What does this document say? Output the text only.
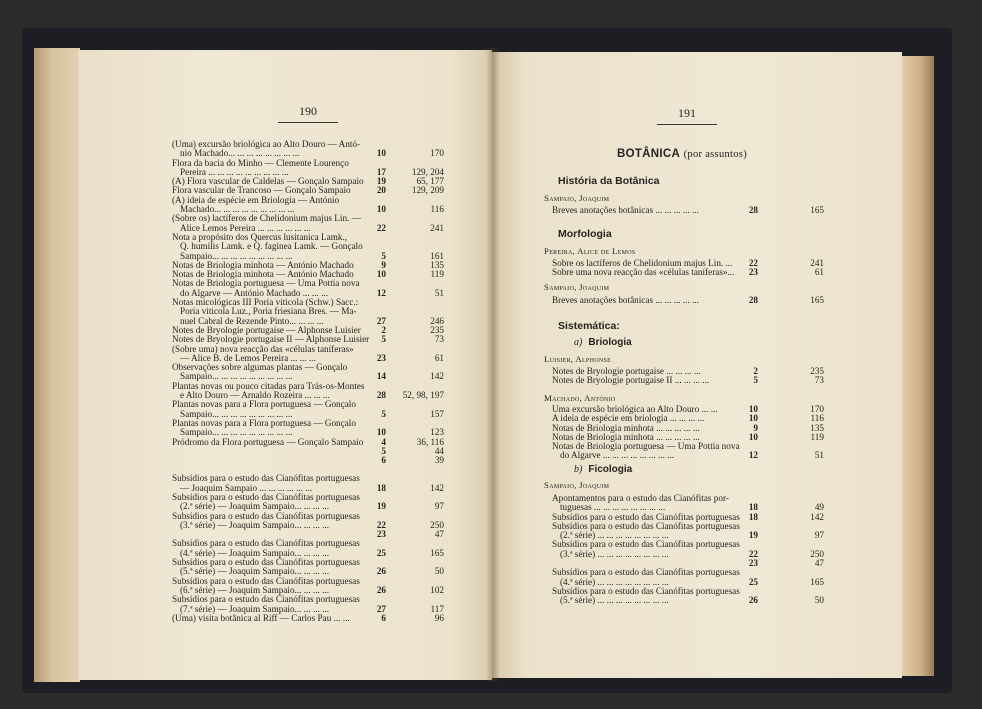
190	191
(Uma) excursão briológica ao Alto Douro — Antó-
nio Machado... ... ... ... ... ... ... ...	10	170
Flora da bacia do Minho — Clemente Lourenço
Pereira ... ... ... ... ... ... ... ... ...	17	129, 204
(A) Flora vascular de Caldelas — Gonçalo Sampaio	19	65, 177
Flora vascular de Trancoso — Gonçalo Sampaio	20	129, 209
(A) ideia de espécie em Briologia — António
Machado... ... ... ... ... ... ... ... ...	10	116
(Sobre os) lactíferos de Chelidonium majus Lin. —
Alice Lemos Pereira ... ... ... ... ... ...	22	241
Nota a propósito dos Quercus lusitanica Lamk.,
Q. humilis Lamk. e Q. faginea Lamk. — Gonçalo
Sampaio... ... ... ... ... ... ... ... ...	5	161
Notas de Briologia minhota — António Machado	9	135
Notas de Briologia minhota — António Machado	10	119
Notas de Briologia portuguesa — Uma Pottia nova
do Algarve — António Machado ... ... ...	12	51
Notas micológicas III Poria viticola (Schw.) Sacc.:
Poria viticola Luz., Poria friesiana Bres. — Ma-
nuel Cabral de Rezende Pinto... ... ... ...	27	246
Notes de Bryologie portugaise — Alphonse Luisier	2	235
Notes de Bryologie portugaise II — Alphonse Luisier	5	73
(Sobre uma) nova reacção das «células taníferas»
— Alice B. de Lemos Pereira ... ... ...	23	61
Observações sobre algumas plantas — Gonçalo
Sampaio... ... ... ... ... ... ... ... ...	14	142
Plantas novas ou pouco citadas para Trás-os-Montes
e Alto Douro — Arnaldo Rozeira ... ... ...	28	52, 98, 197
Plantas novas para a Flora portuguesa — Gonçalo
Sampaio... ... ... ... ... ... ... ... ...	5	157
Plantas novas para a Flora portuguesa — Gonçalo
Sampaio... ... ... ... ... ... ... ... ...	10	123
Pródromo da Flora portuguesa — Gonçalo Sampaio	4	36, 116

5	44

6	39
Subsídios para o estudo das Cianófitas portuguesas
— Joaquim Sampaio ... ... ... ... ... ...	18	142
Subsídios para o estudo das Cianófitas portuguesas
(2.ª série) — Joaquim Sampaio... ... ... ...	19	97
Subsídios para o estudo das Cianófitas portuguesas
(3.ª série) — Joaquim Sampaio... ... ... ...	22	250

23	47
Subsídios para o estudo das Cianófitas portuguesas
(4.ª série) — Joaquim Sampaio... ... ... ...	25	165
Subsídios para o estudo das Cianófitas portuguesas
(5.ª série) — Joaquim Sampaio... ... ... ...	26	50
Subsídios para o estudo das Cianófitas portuguesas
(6.ª série) — Joaquim Sampaio... ... ... ...	26	102
Subsídios para o estudo das Cianófitas portuguesas
(7.ª série) — Joaquim Sampaio... ... ... ...	27	117
(Uma) visita botânica al Riff — Carlos Pau ... ...	6	96
BOTÂNICA (por assuntos)
História da Botânica
Sampaio, Joaquim
Breves anotações botânicas ... ... ... ... ...	28	165
Morfologia
Pereira, Alice de Lemos
Sobre os lactíferos de Chelidonium majus Lin. ...	22	241
Sobre uma nova reacção das «células taníferas»...	23	61
Sampaio, Joaquim
Breves anotações botânicas ... ... ... ... ...	28	165
Sistemática:
a) Briologia
Luisier, Alphonse
Notes de Bryologie portugaise ... ... ... ...	2	235
Notes de Bryologie portugaise II ... ... ... ...	5	73
Machado, António
Uma excursão briológica ao Alto Douro ... ...	10	170
A ideia de espécie em briologia ... ... ... ...	10	116
Notas de Briologia minhota ... ... ... ... ...	9	135
Notas de Briologia minhota ... ... ... ... ...	10	119
Notas de Briologia portuguesa — Uma Pottia nova
do Algarve ... ... ... ... ... ... ... ...	12	51
b) Ficologia
Sampaio, Joaquim
Apontamentos para o estudo das Cianófitas por-
tuguesas ... ... ... ... ... ... ... ...	18	49
Subsídios para o estudo das Cianófitas portuguesas 18	142
Subsídios para o estudo das Cianófitas portuguesas
(2.ª série) ... ... ... ... ... ... ... ...	19	97
Subsídios para o estudo das Cianófitas portuguesas
(3.ª série) ... ... ... ... ... ... ... ...	22	250

23	47
Subsídios para o estudo das Cianófitas portuguesas
(4.ª série) ... ... ... ... ... ... ... ...	25	165
Subsídios para o estudo das Cianófitas portuguesas
(5.ª série) ... ... ... ... ... ... ... ...	26	50
